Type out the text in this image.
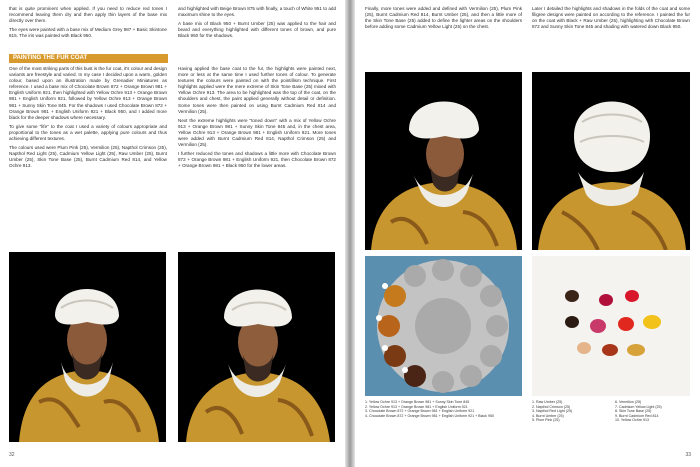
that is quite prominent when applied. If you need to reduce red tones I recommend leaving them dry and then apply thin layers of the base mix directly over them.

The eyes were painted with a base mix of Medium Grey 987 + Basic Skintone 815. The iris was painted with Black 950.

and highlighted with Beige Brown 875 with finally, a touch of White 951 to add maximum shine to the eyes.

A base mix of Black 950 + Burnt Umber (25) was applied to the hair and beard and everything highlighted with different tones of brown, and pure Black 950 for the shadows.

PAINTING THE FUR COAT

One of the most striking parts of this bust is the fur coat, it's colour and design variants are freestyle and varied. In my case I decided upon a warm, golden colour, based upon an illustration made by Grenadier Miniatures as reference. I used a base mix of Chocolate Brown 872 + Orange Brown 981 + English Uniform 921, then highlighted with Yellow Ochre 913 + Orange Brown 981 + English Uniform 921, followed by Yellow Ochre 913 + Orange Brown 981 + Sunny Skin Tone 845. For the shadows I used Chocolate Brown 872 + Orange Brown 981 + English Uniform 921 + Black 950, and I added more black for the deeper shadows where necessary.

To give some "life" to the coat I used a variety of colours appropriate and proportional to the tones as a wet palette, applying pure colours and thus achieving different textures.

The colours used were Plum Pink (25), Vermilion (25), Napthol Crimson (25), Napthol Red Light (25), Cadmium Yellow Light (25), Raw Umber (25), Burnt Umber (25), Skin Tone Base (25), Burnt Cadmium Red 814, and Yellow Ochre 913.

Having applied the base coat to the fur, the highlights were painted next, more or less at the same time I used further tones of colour. To generate textures the colours were painted on with the pointillism technique. First highlights applied were the mere extreme of Skin Tone Base (25) mixed with Yellow Ochre 913. The area to be highlighted was the top of the coat, on the shoulders and chest, the paint applied generally without detail or definition. Some tones were then painted on using Burnt Cadmium Red 814 and Vermilion (25).

Next the extreme highlights were "toned down" with a mix of Yellow Ochre 913 + Orange Brown 981 + Sunny Skin Tone 845 and, in the chest area, Yellow Ochre 913 + Orange Brown 981 + English Uniform 921. More tones were added with Burnt Cadmium Red 814, Napthol Crimson (25) and Vermilion (25).

I further reduced the tones and shadows a little more with Chocolate Brown 872 + Orange Brown 981 + English Uniform 921, then Chocolate Brown 872 + Orange Brown 981 + Black 950 for the lower areas.

32

Finally, more tones were added and defined with Vermilion (25), Plum Pink (25), Burnt Cadmium Red 814, Burnt Umber (25), and then a little more of the Skin Tone Base (25) added to define the lighter areas on the shoulders before adding some Cadmium Yellow Light (25) on the chest.

Later I detailed the highlights and shadows in the folds of the coat and some filigree designs were painted on according to the reference. I painted the fur on the coat with Black + Raw Umber (25), highlighting with Chocolate Brown 872 and Sunny Skin Tone 845 and shading with watered down Black 950.

1. Yellow Ochre 913 + Orange Brown 981 + Sunny Skin Tone 845
2. Yellow Ochre 913 + Orange Brown 981 + English Uniform 921
3. Chocolate Brown 872 + Orange Brown 981 + English Uniform 921
4. Chocolate Brown 872 + Orange Brown 981 + English Uniform 921 + Black 950
1. Raw Umber (25)
2. Napthol Crimson (25)
3. Napthol Red Light (25)
4. Burnt Umber (25)
5. Plum Pink (25)
6. Vermilion (25)
7. Cadmium Yellow Light (25)
8. Skin Tone Base (25)
9. Burnt Cadmium Red 814
10. Yellow Ochre 913
33
